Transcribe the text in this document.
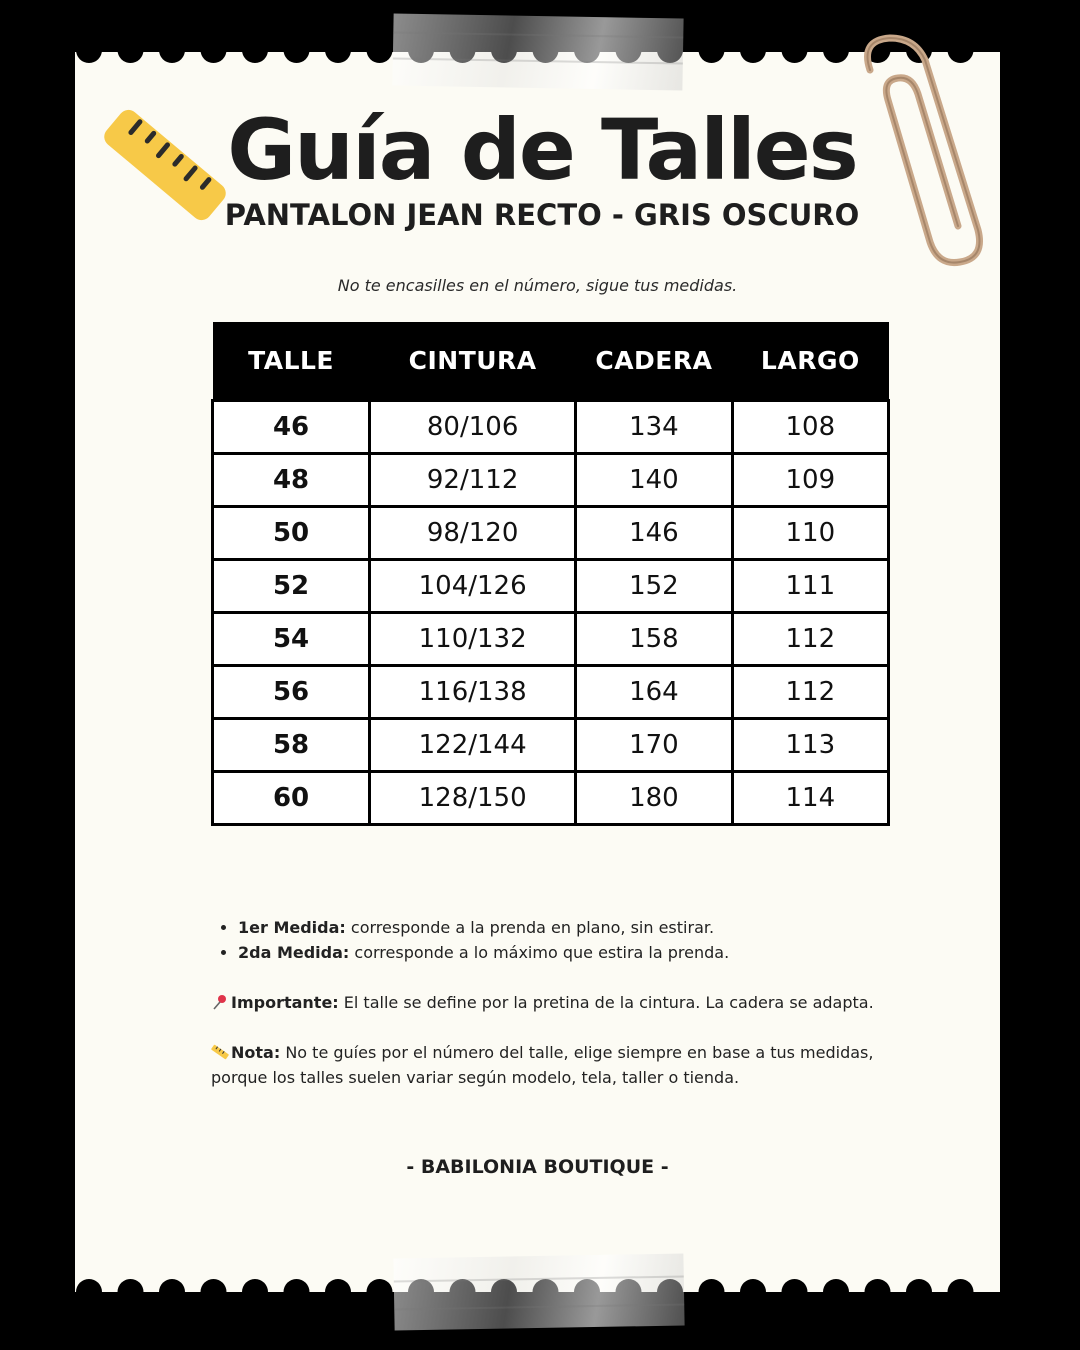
Guía de Talles
PANTALON JEAN RECTO - GRIS OSCURO
No te encasilles en el número, sigue tus medidas.
TALLE	CINTURA	CADERA	LARGO
46	80/106	134	108
48	92/112	140	109
50	98/120	146	110
52	104/126	152	111
54	110/132	158	112
56	116/138	164	112
58	122/144	170	113
60	128/150	180	114
• 1er Medida: corresponde a la prenda en plano, sin estirar.
• 2da Medida: corresponde a lo máximo que estira la prenda.
Importante: El talle se define por la pretina de la cintura. La cadera se adapta.
Nota: No te guíes por el número del talle, elige siempre en base a tus medidas, porque los talles suelen variar según modelo, tela, taller o tienda.
- BABILONIA BOUTIQUE -
